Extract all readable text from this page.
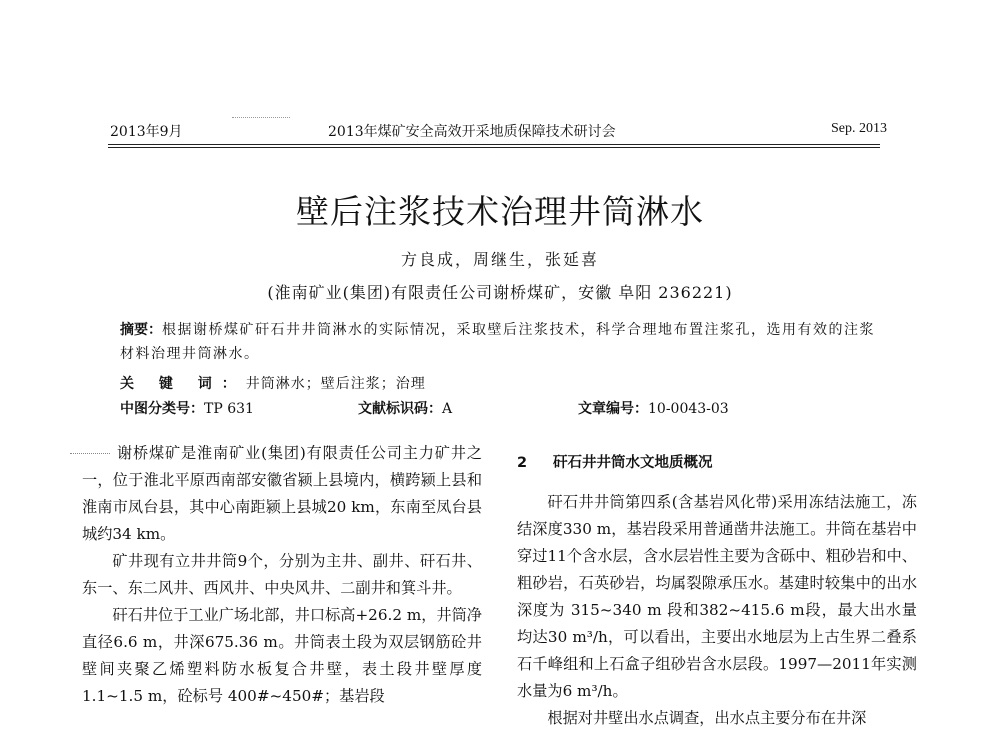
2013年9月	2013年煤矿安全高效开采地质保障技术研讨会	Sep. 2013
壁后注浆技术治理井筒淋水
方良成，周继生，张延喜
(淮南矿业(集团)有限责任公司谢桥煤矿，安徽 阜阳 236221)
摘要：根据谢桥煤矿矸石井井筒淋水的实际情况，采取壁后注浆技术，科学合理地布置注浆孔，选用有效的注浆材料治理井筒淋水。
关 键 词：井筒淋水；壁后注浆；治理
中图分类号：TP 631	文献标识码：A	文章编号：10-0043-03

谢桥煤矿是淮南矿业(集团)有限责任公司主力矿井之一，位于淮北平原西南部安徽省颍上县境内，横跨颍上县和淮南市凤台县，其中心南距颍上县城20 km，东南至凤台县城约34 km。

矿井现有立井井筒9个，分别为主井、副井、矸石井、东一、东二风井、西风井、中央风井、二副井和箕斗井。

矸石井位于工业广场北部，井口标高+26.2 m，井筒净直径6.6 m，井深675.36 m。井筒表土段为双层钢筋砼井壁间夹聚乙烯塑料防水板复合井壁，表土段井壁厚度 1.1~1.5 m，砼标号 400#~450#；基岩段

2 矸石井井筒水文地质概况

矸石井井筒第四系(含基岩风化带)采用冻结法施工，冻结深度330 m，基岩段采用普通凿井法施工。井筒在基岩中穿过11个含水层，含水层岩性主要为含砾中、粗砂岩和中、粗砂岩，石英砂岩，均属裂隙承压水。基建时较集中的出水深度为 315~340 m 段和382~415.6 m段，最大出水量均达30 m³/h，可以看出，主要出水地层为上古生界二叠系石千峰组和上石盒子组砂岩含水层段。1997—2011年实测水量为6 m³/h。

根据对井壁出水点调查，出水点主要分布在井深
